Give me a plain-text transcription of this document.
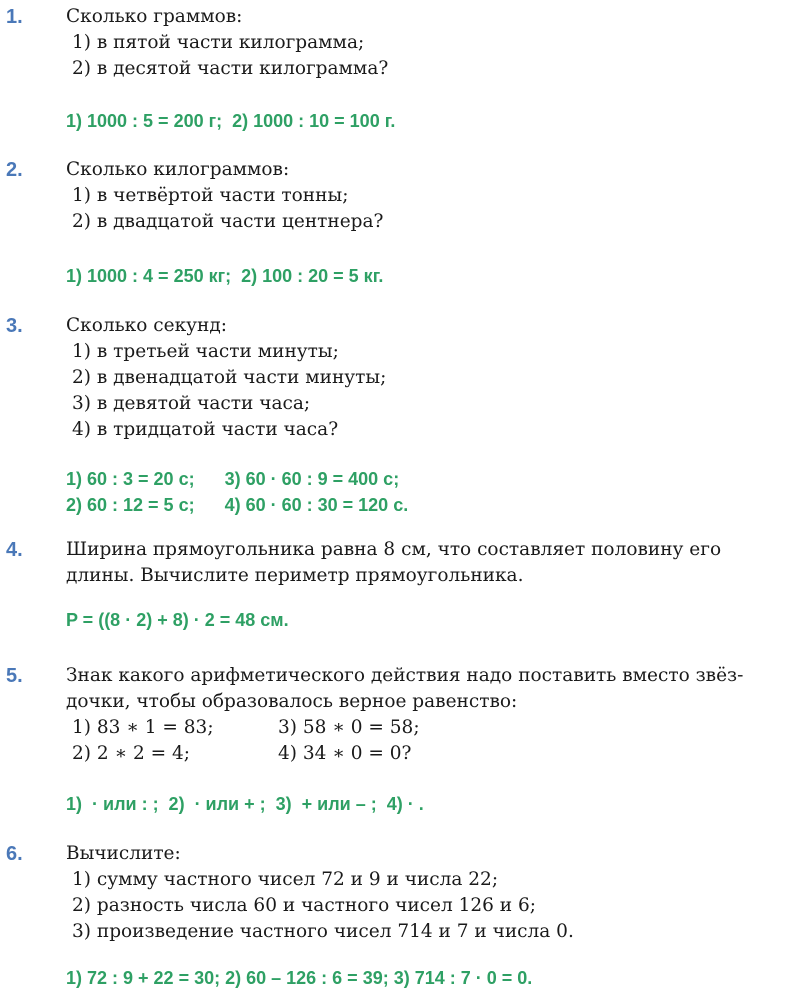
1. Сколько граммов:
1) в пятой части килограмма;
2) в десятой части килограмма?
1) 1000 : 5 = 200 г;  2) 1000 : 10 = 100 г.
2. Сколько килограммов:
1) в четвёртой части тонны;
2) в двадцатой части центнера?
1) 1000 : 4 = 250 кг;  2) 100 : 20 = 5 кг.
3. Сколько секунд:
1) в третьей части минуты;
2) в двенадцатой части минуты;
3) в девятой части часа;
4) в тридцатой части часа?
1) 60 : 3 = 20 с;      3) 60 · 60 : 9 = 400 с;
2) 60 : 12 = 5 с;      4) 60 · 60 : 30 = 120 с.
4. Ширина прямоугольника равна 8 см, что составляет половину его
длины. Вычислите периметр прямоугольника.
P = ((8 · 2) + 8) · 2 = 48 см.
5. Знак какого арифметического действия надо поставить вместо звёз-
дочки, чтобы образовалось верное равенство:
1) 83 ∗ 1 = 83;	3) 58 ∗ 0 = 58;
2) 2 ∗ 2 = 4;	4) 34 ∗ 0 = 0?
1)  · или : ;  2)  · или + ;  3)  + или – ;  4) · .
6. Вычислите:
1) сумму частного чисел 72 и 9 и числа 22;
2) разность числа 60 и частного чисел 126 и 6;
3) произведение частного чисел 714 и 7 и числа 0.
1) 72 : 9 + 22 = 30; 2) 60 – 126 : 6 = 39; 3) 714 : 7 · 0 = 0.
